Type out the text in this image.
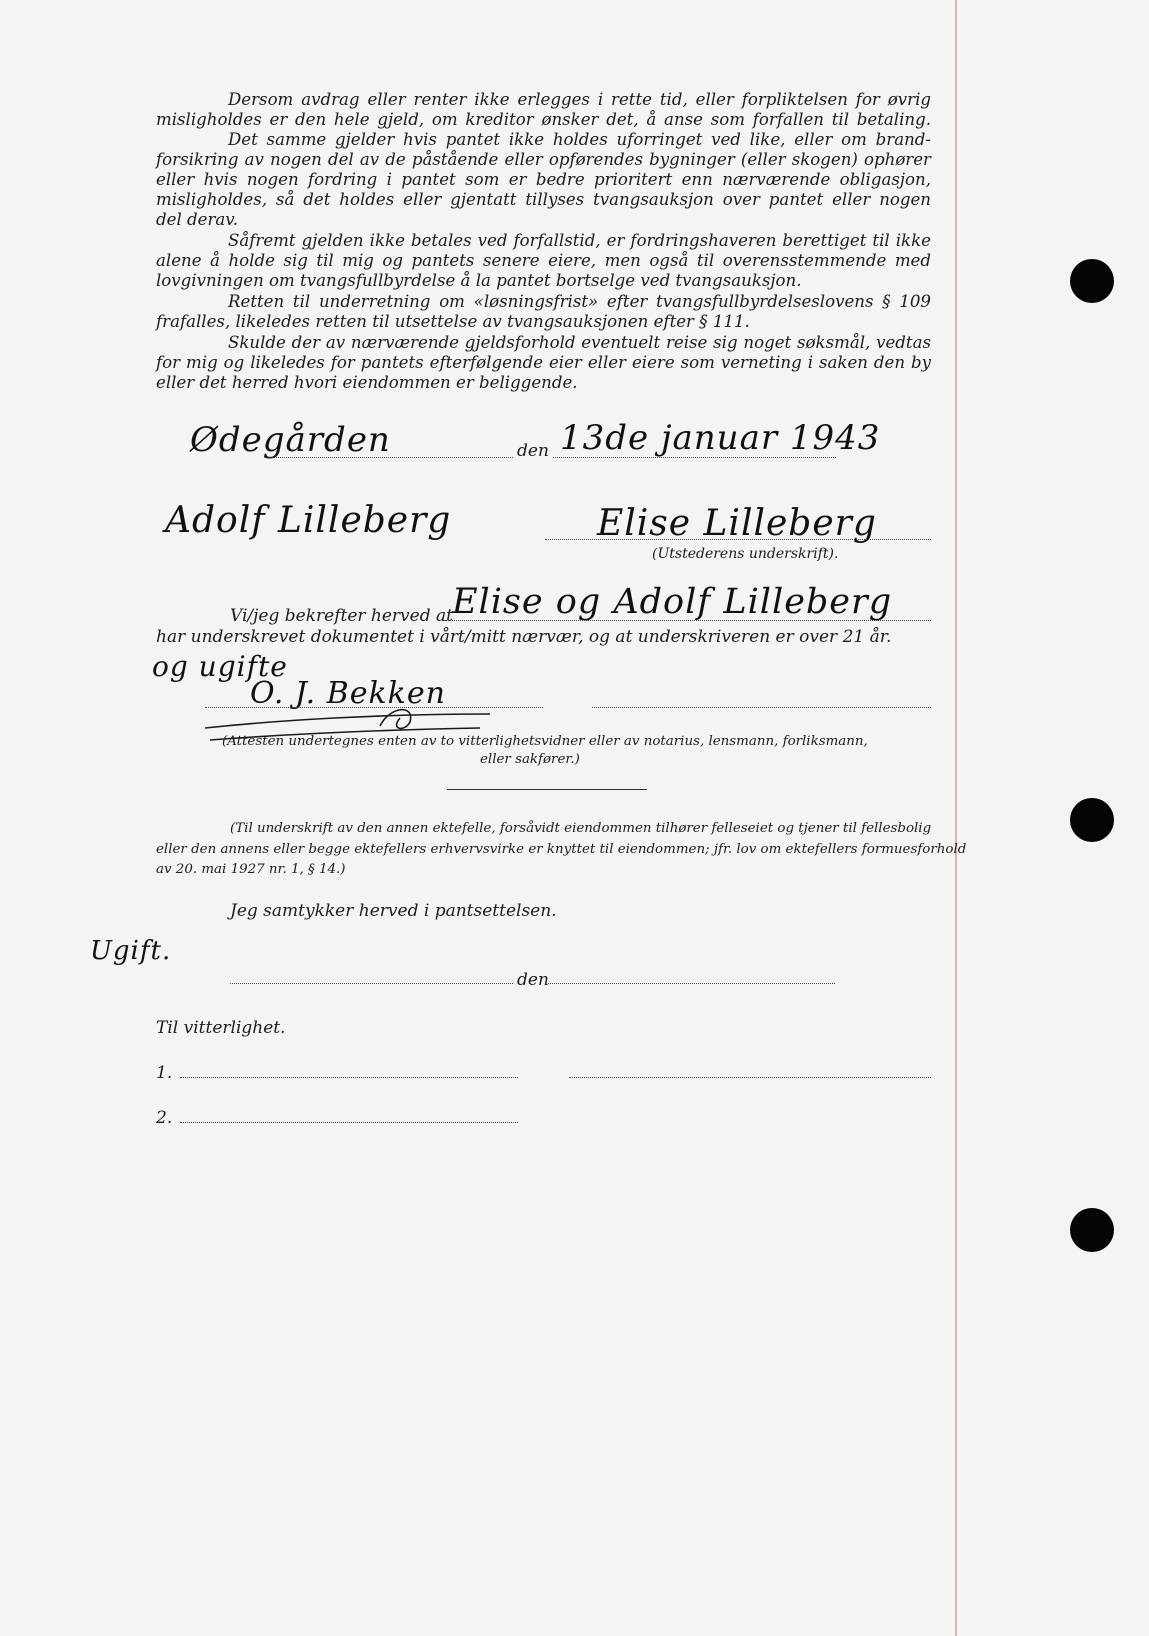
Dersom avdrag eller renter ikke erlegges i rette tid, eller forpliktelsen for øvrig
misligholdes er den hele gjeld, om kreditor ønsker det, å anse som forfallen til betaling.
Det samme gjelder hvis pantet ikke holdes uforringet ved like, eller om brand-
forsikring av nogen del av de påstående eller opførendes bygninger (eller skogen) ophører
eller hvis nogen fordring i pantet som er bedre prioritert enn nærværende obligasjon,
misligholdes, så det holdes eller gjentatt tillyses tvangsauksjon over pantet eller nogen
del derav.
Såfremt gjelden ikke betales ved forfallstid, er fordringshaveren berettiget til ikke
alene å holde sig til mig og pantets senere eiere, men også til overensstemmende med
lovgivningen om tvangsfullbyrdelse å la pantet bortselge ved tvangsauksjon.
Retten til underretning om «løsningsfrist» efter tvangsfullbyrdelseslovens § 109
frafalles, likeledes retten til utsettelse av tvangsauksjonen efter § 111.
Skulde der av nærværende gjeldsforhold eventuelt reise sig noget søksmål, vedtas
for mig og likeledes for pantets efterfølgende eier eller eiere som verneting i saken den by
eller det herred hvori eiendommen er beliggende.
Ødegården	den 13de januar 1943
Adolf Lilleberg	Elise Lilleberg
(Utstederens underskrift).
Vi/jeg bekrefter herved at Elise og Adolf Lilleberg
har underskrevet dokumentet i vårt/mitt nærvær, og at underskriveren er over 21 år.
og ugifte
O. J. Bekken
(Attesten undertegnes enten av to vitterlighetsvidner eller av notarius, lensmann, forliksmann,
eller sakfører.)
(Til underskrift av den annen ektefelle, forsåvidt eiendommen tilhører felleseiet og tjener til fellesbolig
eller den annens eller begge ektefellers erhvervsvirke er knyttet til eiendommen; jfr. lov om ektefellers formuesforhold
av 20. mai 1927 nr. 1, § 14.)
Jeg samtykker herved i pantsettelsen.
Ugift.
den
Til vitterlighet.
1.
2.
